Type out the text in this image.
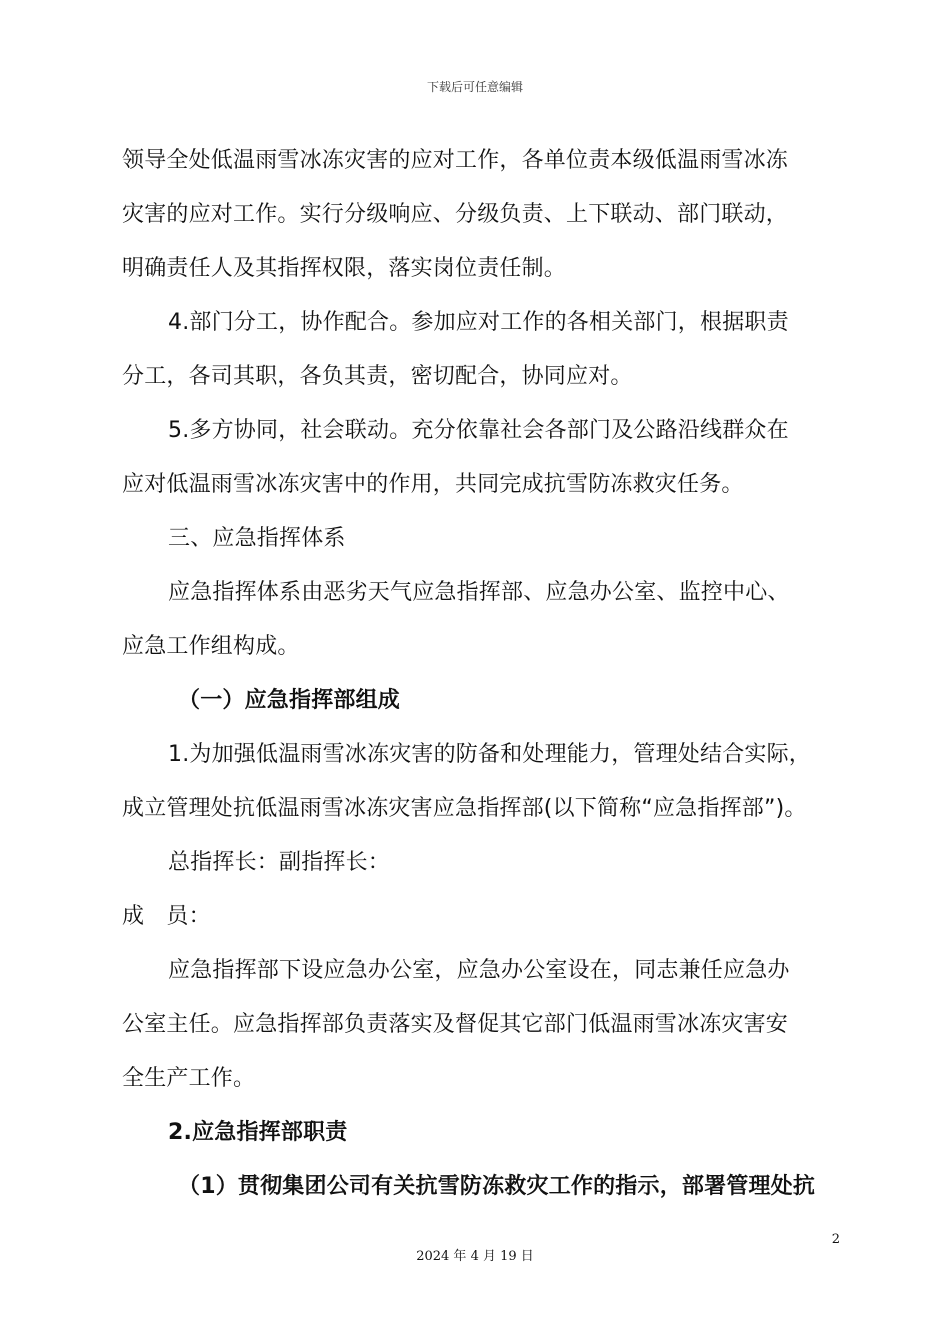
下载后可任意编辑
领导全处低温雨雪冰冻灾害的应对工作，各单位责本级低温雨雪冰冻
灾害的应对工作。实行分级响应、分级负责、上下联动、部门联动，
明确责任人及其指挥权限，落实岗位责任制。
4.部门分工，协作配合。参加应对工作的各相关部门，根据职责
分工，各司其职，各负其责，密切配合，协同应对。
5.多方协同，社会联动。充分依靠社会各部门及公路沿线群众在
应对低温雨雪冰冻灾害中的作用，共同完成抗雪防冻救灾任务。
三、应急指挥体系
应急指挥体系由恶劣天气应急指挥部、应急办公室、监控中心、
应急工作组构成。
（一）应急指挥部组成
1.为加强低温雨雪冰冻灾害的防备和处理能力，管理处结合实际，
成立管理处抗低温雨雪冰冻灾害应急指挥部(以下简称“应急指挥部”)。
总指挥长：副指挥长：
成　员：
应急指挥部下设应急办公室，应急办公室设在，同志兼任应急办
公室主任。应急指挥部负责落实及督促其它部门低温雨雪冰冻灾害安
全生产工作。
2.应急指挥部职责
（1）贯彻集团公司有关抗雪防冻救灾工作的指示，部署管理处抗
2
2024 年 4 月 19 日
